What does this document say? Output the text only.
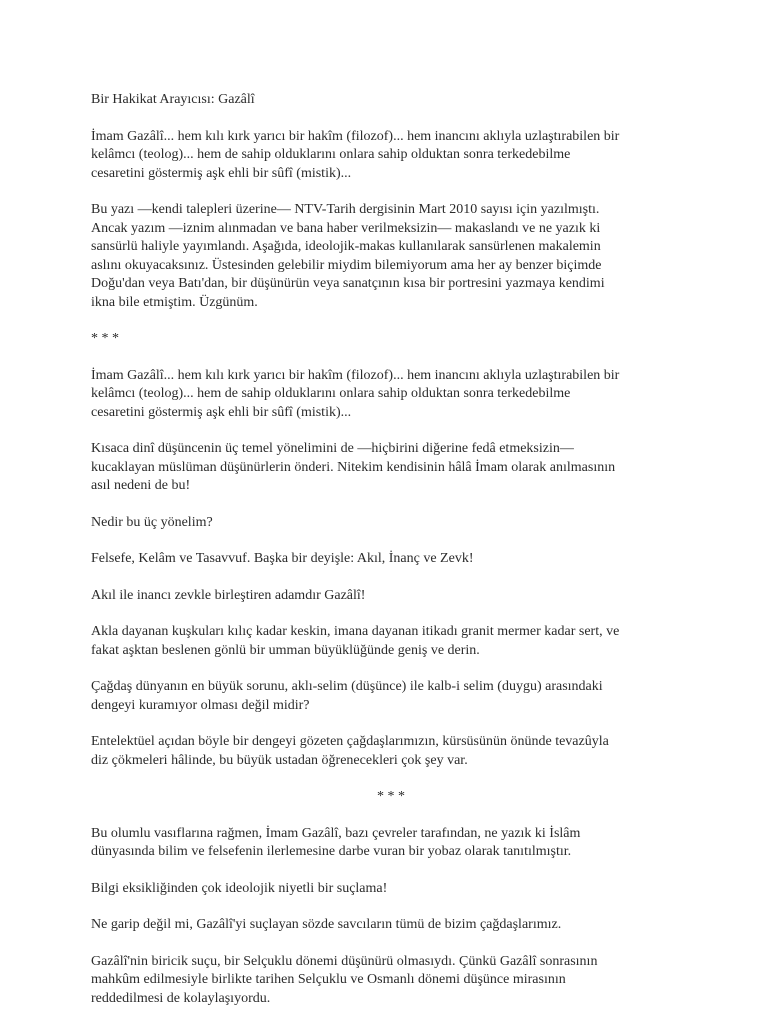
Bir Hakikat Arayıcısı: Gazâlî

İmam Gazâlî... hem kılı kırk yarıcı bir hakîm (filozof)... hem inancını aklıyla uzlaştırabilen bir
kelâmcı (teolog)... hem de sahip olduklarını onlara sahip olduktan sonra terkedebilme
cesaretini göstermiş aşk ehli bir sûfî (mistik)...

Bu yazı —kendi talepleri üzerine— NTV-Tarih dergisinin Mart 2010 sayısı için yazılmıştı.
Ancak yazım —iznim alınmadan ve bana haber verilmeksizin— makaslandı ve ne yazık ki
sansürlü haliyle yayımlandı. Aşağıda, ideolojik-makas kullanılarak sansürlenen makalemin
aslını okuyacaksınız. Üstesinden gelebilir miydim bilemiyorum ama her ay benzer biçimde
Doğu'dan veya Batı'dan, bir düşünürün veya sanatçının kısa bir portresini yazmaya kendimi
ikna bile etmiştim. Üzgünüm.

* * *

İmam Gazâlî... hem kılı kırk yarıcı bir hakîm (filozof)... hem inancını aklıyla uzlaştırabilen bir
kelâmcı (teolog)... hem de sahip olduklarını onlara sahip olduktan sonra terkedebilme
cesaretini göstermiş aşk ehli bir sûfî (mistik)...

Kısaca dinî düşüncenin üç temel yönelimini de —hiçbirini diğerine fedâ etmeksizin—
kucaklayan müslüman düşünürlerin önderi. Nitekim kendisinin hâlâ İmam olarak anılmasının
asıl nedeni de bu!

Nedir bu üç yönelim?

Felsefe, Kelâm ve Tasavvuf. Başka bir deyişle: Akıl, İnanç ve Zevk!

Akıl ile inancı zevkle birleştiren adamdır Gazâlî!

Akla dayanan kuşkuları kılıç kadar keskin, imana dayanan itikadı granit mermer kadar sert, ve
fakat aşktan beslenen gönlü bir umman büyüklüğünde geniş ve derin.

Çağdaş dünyanın en büyük sorunu, aklı-selim (düşünce) ile kalb-i selim (duygu) arasındaki
dengeyi kuramıyor olması değil midir?

Entelektüel açıdan böyle bir dengeyi gözeten çağdaşlarımızın, kürsüsünün önünde tevazûyla
diz çökmeleri hâlinde, bu büyük ustadan öğrenecekleri çok şey var.

* * *

Bu olumlu vasıflarına rağmen, İmam Gazâlî, bazı çevreler tarafından, ne yazık ki İslâm
dünyasında bilim ve felsefenin ilerlemesine darbe vuran bir yobaz olarak tanıtılmıştır.

Bilgi eksikliğinden çok ideolojik niyetli bir suçlama!

Ne garip değil mi, Gazâlî'yi suçlayan sözde savcıların tümü de bizim çağdaşlarımız.

Gazâlî'nin biricik suçu, bir Selçuklu dönemi düşünürü olmasıydı. Çünkü Gazâlî sonrasının
mahkûm edilmesiyle birlikte tarihen Selçuklu ve Osmanlı dönemi düşünce mirasının
reddedilmesi de kolaylaşıyordu.
